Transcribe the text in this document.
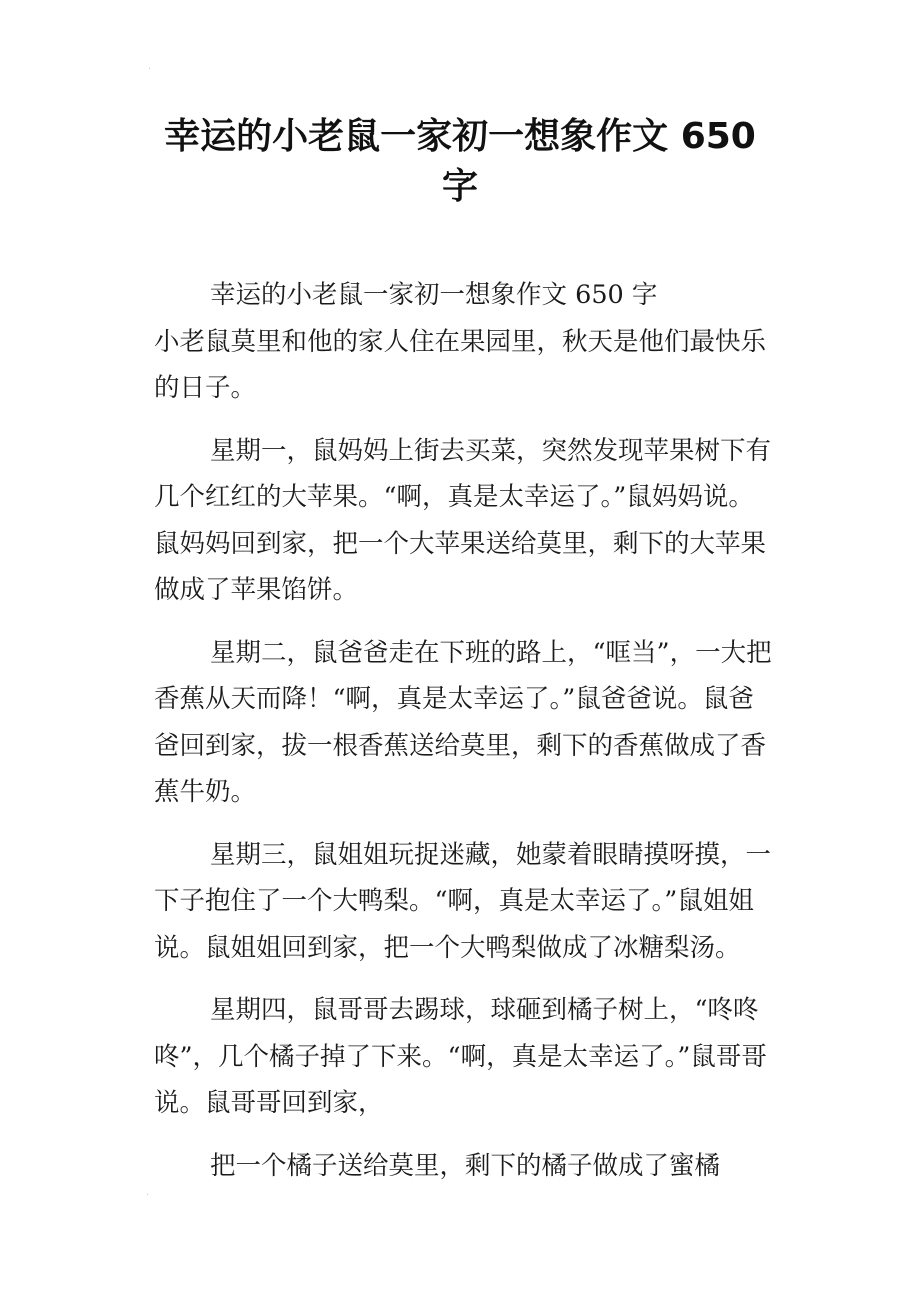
·
幸运的小老鼠一家初一想象作文 650
字

幸运的小老鼠一家初一想象作文 650 字

小老鼠莫里和他的家人住在果园里，秋天是他们最快乐的日子。

星期一，鼠妈妈上街去买菜，突然发现苹果树下有几个红红的大苹果。“啊，真是太幸运了。”鼠妈妈说。鼠妈妈回到家，把一个大苹果送给莫里，剩下的大苹果做成了苹果馅饼。

星期二，鼠爸爸走在下班的路上，“哐当”，一大把香蕉从天而降！“啊，真是太幸运了。”鼠爸爸说。鼠爸爸回到家，拔一根香蕉送给莫里，剩下的香蕉做成了香蕉牛奶。

星期三，鼠姐姐玩捉迷藏，她蒙着眼睛摸呀摸，一下子抱住了一个大鸭梨。“啊，真是太幸运了。”鼠姐姐说。鼠姐姐回到家，把一个大鸭梨做成了冰糖梨汤。

星期四，鼠哥哥去踢球，球砸到橘子树上，“咚咚咚”，几个橘子掉了下来。“啊，真是太幸运了。”鼠哥哥说。鼠哥哥回到家，

把一个橘子送给莫里，剩下的橘子做成了蜜橘

·
